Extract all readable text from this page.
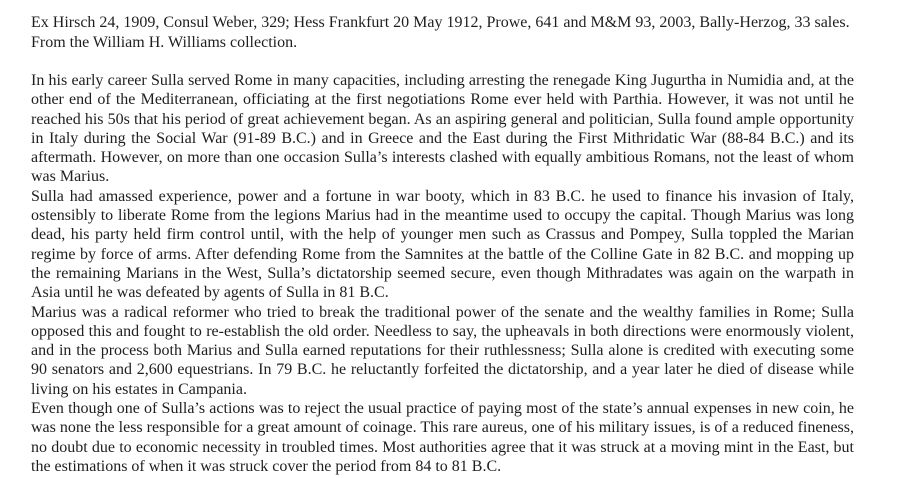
Ex Hirsch 24, 1909, Consul Weber, 329; Hess Frankfurt 20 May 1912, Prowe, 641 and M&M 93, 2003, Bally-Herzog, 33 sales. From the William H. Williams collection.

In his early career Sulla served Rome in many capacities, including arresting the renegade King Jugurtha in Numidia and, at the other end of the Mediterranean, officiating at the first negotiations Rome ever held with Parthia. However, it was not until he reached his 50s that his period of great achievement began. As an aspiring general and politician, Sulla found ample opportunity in Italy during the Social War (91-89 B.C.) and in Greece and the East during the First Mithridatic War (88-84 B.C.) and its aftermath. However, on more than one occasion Sulla’s interests clashed with equally ambitious Romans, not the least of whom was Marius.

Sulla had amassed experience, power and a fortune in war booty, which in 83 B.C. he used to finance his invasion of Italy, ostensibly to liberate Rome from the legions Marius had in the meantime used to occupy the capital. Though Marius was long dead, his party held firm control until, with the help of younger men such as Crassus and Pompey, Sulla toppled the Marian regime by force of arms. After defending Rome from the Samnites at the battle of the Colline Gate in 82 B.C. and mopping up the remaining Marians in the West, Sulla’s dictatorship seemed secure, even though Mithradates was again on the warpath in Asia until he was defeated by agents of Sulla in 81 B.C.

Marius was a radical reformer who tried to break the traditional power of the senate and the wealthy families in Rome; Sulla opposed this and fought to re-establish the old order. Needless to say, the upheavals in both directions were enormously violent, and in the process both Marius and Sulla earned reputations for their ruthlessness; Sulla alone is credited with executing some 90 senators and 2,600 equestrians. In 79 B.C. he reluctantly forfeited the dictatorship, and a year later he died of disease while living on his estates in Campania.

Even though one of Sulla’s actions was to reject the usual practice of paying most of the state’s annual expenses in new coin, he was none the less responsible for a great amount of coinage. This rare aureus, one of his military issues, is of a reduced fineness, no doubt due to economic necessity in troubled times. Most authorities agree that it was struck at a moving mint in the East, but the estimations of when it was struck cover the period from 84 to 81 B.C.
